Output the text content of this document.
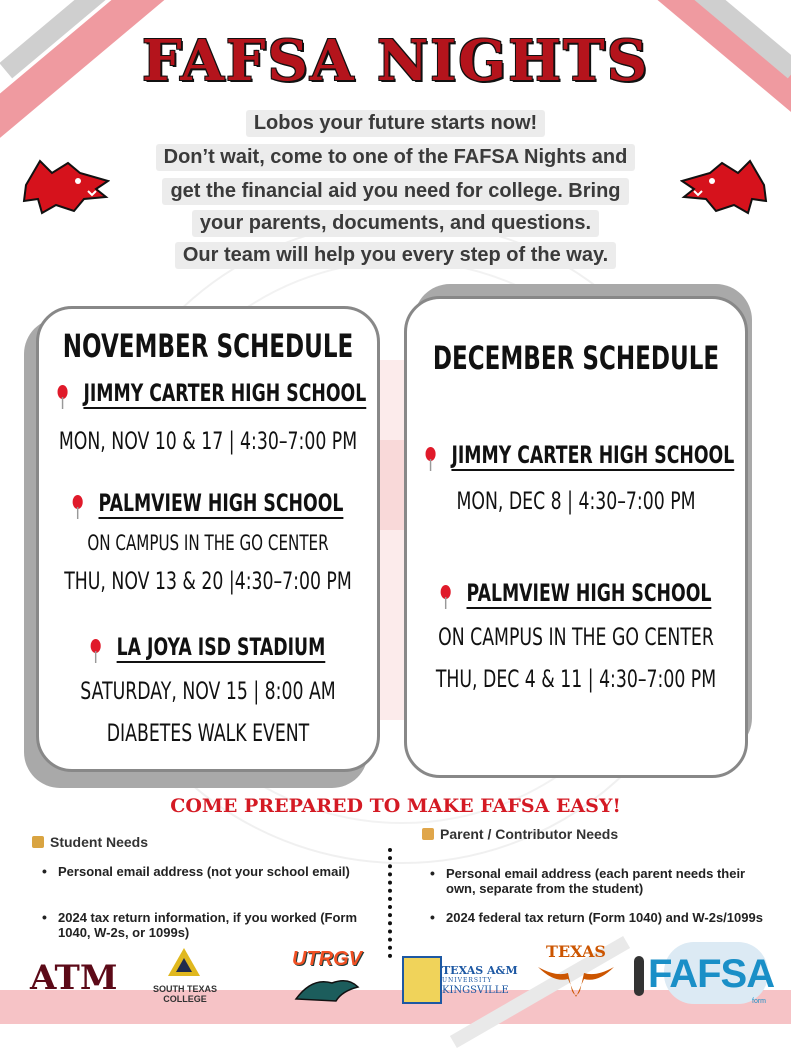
FAFSA NIGHTS
Lobos your future starts now!
Don’t wait, come to one of the FAFSA Nights and
get the financial aid you need for college. Bring
your parents, documents, and questions.
Our team will help you every step of the way.
NOVEMBER SCHEDULE
JIMMY CARTER HIGH SCHOOL
MON, NOV 10 & 17 | 4:30–7:00 PM
PALMVIEW HIGH SCHOOL
ON CAMPUS IN THE GO CENTER
THU, NOV 13 & 20 |4:30–7:00 PM
LA JOYA ISD STADIUM
SATURDAY, NOV 15 | 8:00 AM
DIABETES WALK EVENT
DECEMBER SCHEDULE
JIMMY CARTER HIGH SCHOOL
MON, DEC 8 | 4:30–7:00 PM
PALMVIEW HIGH SCHOOL
ON CAMPUS IN THE GO CENTER
THU, DEC 4 & 11 | 4:30–7:00 PM
COME PREPARED TO MAKE FAFSA EASY!
Student Needs
• Personal email address (not your school email)
• 2024 tax return information, if you worked (Form 1040, W-2s, or 1099s)
Parent / Contributor Needs
• Personal email address (each parent needs their own, separate from the student)
• 2024 federal tax return (Form 1040) and W-2s/1099s
ATM	SOUTH TEXAS
COLLEGE
UTRGV
TEXAS A&M
UNIVERSITY
KINGSVILLE
TEXAS
FAFSA
form
